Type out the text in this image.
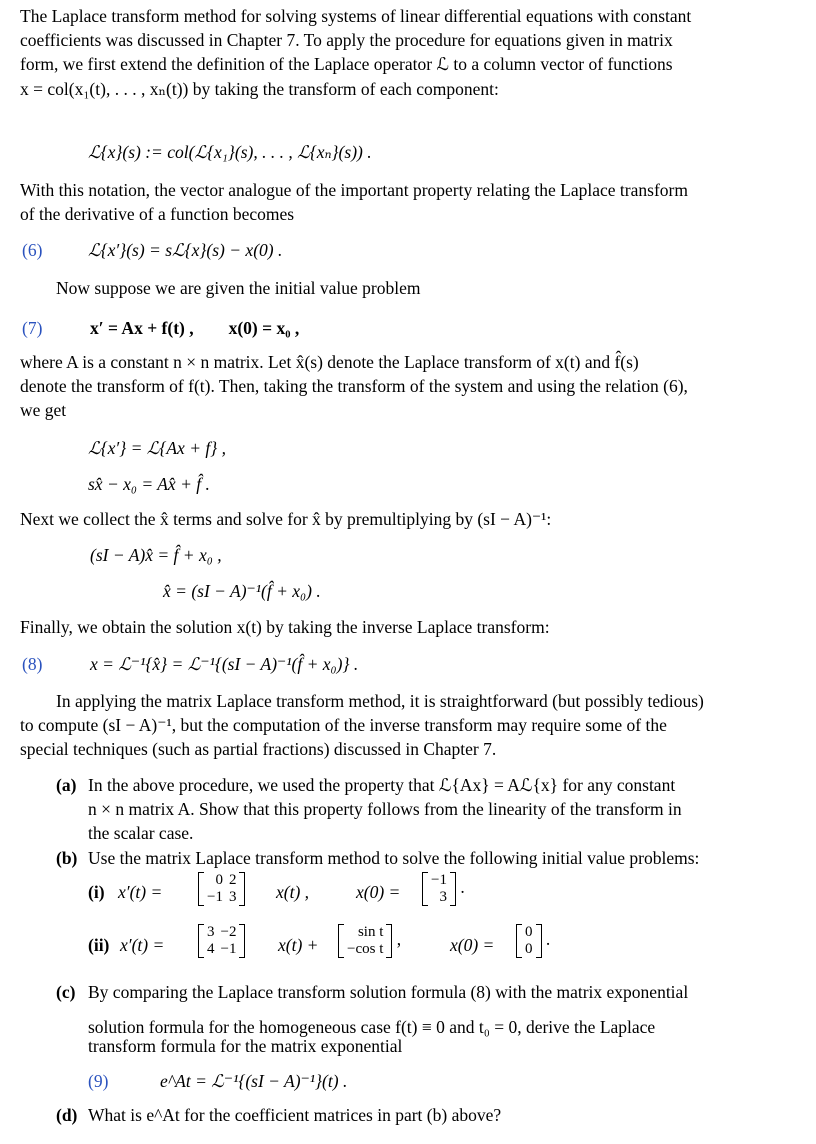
The Laplace transform method for solving systems of linear differential equations with constant
coefficients was discussed in Chapter 7. To apply the procedure for equations given in matrix
form, we first extend the definition of the Laplace operator ℒ to a column vector of functions
x = col(x₁(t), . . . , xₙ(t)) by taking the transform of each component:
ℒ{x}(s) := col(ℒ{x₁}(s), . . . , ℒ{xₙ}(s)) .
With this notation, the vector analogue of the important property relating the Laplace transform
of the derivative of a function becomes
(6)	ℒ{x′}(s) = sℒ{x}(s) − x(0) .
Now suppose we are given the initial value problem
(7)	x′ = Ax + f(t) ,        x(0) = x₀ ,
where A is a constant n × n matrix. Let x̂(s) denote the Laplace transform of x(t) and f̂(s)
denote the transform of f(t). Then, taking the transform of the system and using the relation (6),
we get
ℒ{x′} = ℒ{Ax + f} ,
sx̂ − x₀ = Ax̂ + f̂ .
Next we collect the x̂ terms and solve for x̂ by premultiplying by (sI − A)⁻¹:
(sI − A)x̂ = f̂ + x₀ ,
x̂ = (sI − A)⁻¹(f̂ + x₀) .
Finally, we obtain the solution x(t) by taking the inverse Laplace transform:
(8)	x = ℒ⁻¹{x̂} = ℒ⁻¹{(sI − A)⁻¹(f̂ + x₀)} .
In applying the matrix Laplace transform method, it is straightforward (but possibly tedious)
to compute (sI − A)⁻¹, but the computation of the inverse transform may require some of the
special techniques (such as partial fractions) discussed in Chapter 7.
(a) In the above procedure, we used the property that ℒ{Ax} = Aℒ{x} for any constant
n × n matrix A. Show that this property follows from the linearity of the transform in
the scalar case.
(b) Use the matrix Laplace transform method to solve the following initial value problems:
(i) x′(t) =
0	2
−1	3 x(t) ,	x(0) =
−1
3 .
(ii) x′(t) =
3	−2
4	−1 x(t) +
sin t
−cos t ,	x(0) =
0
0 .
(c) By comparing the Laplace transform solution formula (8) with the matrix exponential
solution formula for the homogeneous case f(t) ≡ 0 and t₀ = 0, derive the Laplace
transform formula for the matrix exponential
(9)	e^At = ℒ⁻¹{(sI − A)⁻¹}(t) .
(d) What is e^At for the coefficient matrices in part (b) above?
